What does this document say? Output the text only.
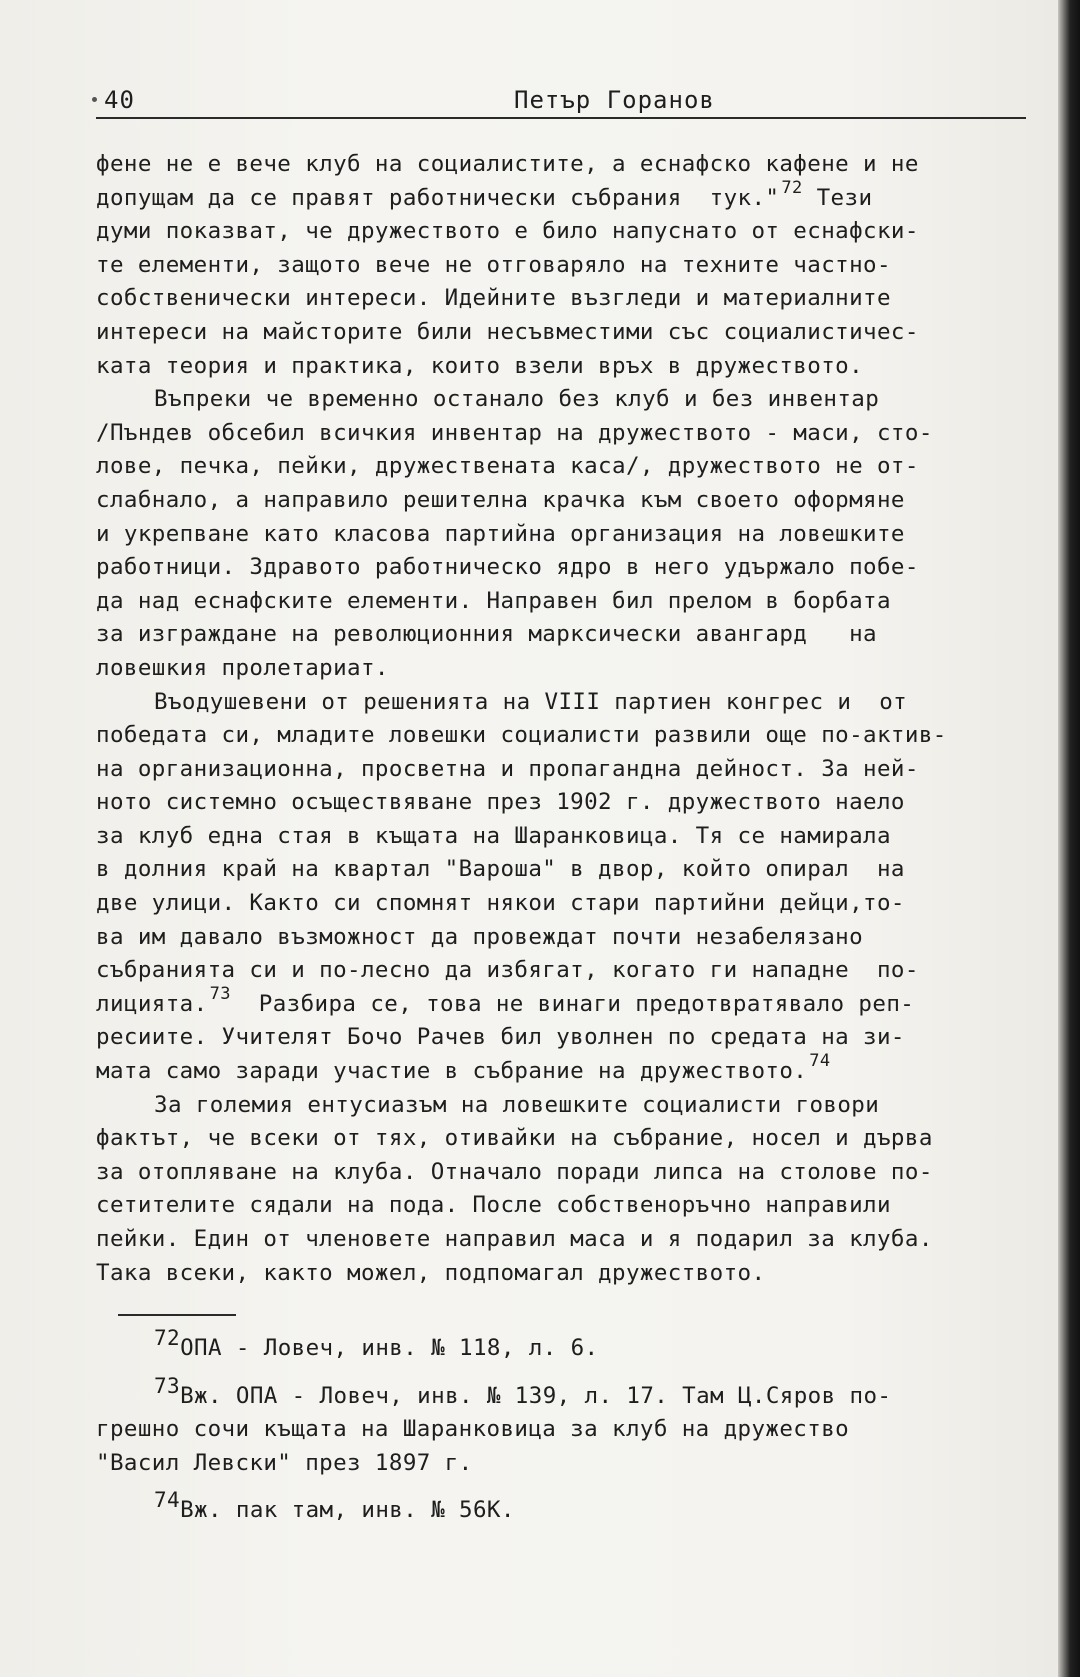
40	Петър Горанов
фене не е вече клуб на социалистите, а еснафско кафене и не
допущам да се правят работнически събрания  тук." $^{72}$ Тези
думи показват, че дружеството е било напуснато от еснафски-
те елементи, защото вече не отговаряло на техните частно-
собственически интереси. Идейните възгледи и материалните
интереси на майсторите били несъвместими със социалистичес-
ката теория и практика, които взели връх в дружеството.
Въпреки че временно останало без клуб и без инвентар
/Пъндев обсебил всичкия инвентар на дружеството - маси, сто-
лове, печка, пейки, дружествената каса/, дружеството не от-
слабнало, а направило решителна крачка към своето оформяне
и укрепване като класова партийна организация на ловешките
работници. Здравото работническо ядро в него удържало побе-
да над еснафските елементи. Направен бил прелом в борбата
за изграждане на революционния марксически авангард   на
ловешкия пролетариат.
Въодушевени от решенията на VIII партиен конгрес и  от
победата си, младите ловешки социалисти развили още по-актив-
на организационна, просветна и пропагандна дейност. За ней-
ното системно осъществяване през 1902 г. дружеството наело
за клуб една стая в къщата на Шаранковица. Тя се намирала
в долния край на квартал "Вароша" в двор, който опирал  на
две улици. Както си спомнят някои стари партийни дейци,то-
ва им давало възможност да провеждат почти незабелязано
събранията си и по-лесно да избягат, когато ги нападне  по-
лицията. $^{73}$  Разбира се, това не винаги предотвратявало реп-
ресиите. Учителят Бочо Рачев бил уволнен по средата на зи-
мата само заради участие в събрание на дружеството. $^{74}$
За големия ентусиазъм на ловешките социалисти говори
фактът, че всеки от тях, отивайки на събрание, носел и дърва
за отопляване на клуба. Отначало поради липса на столове по-
сетителите сядали на пода. После собственоръчно направили
пейки. Един от членовете направил маса и я подарил за клуба.
Така всеки, както можел, подпомагал дружеството.
72ОПА - Ловеч, инв. № 118, л. 6.
73Вж. ОПА - Ловеч, инв. № 139, л. 17. Там Ц.Сяров по-
грешно сочи къщата на Шаранковица за клуб на дружество
"Васил Левски" през 1897 г.
74Вж. пак там, инв. № 56К.
